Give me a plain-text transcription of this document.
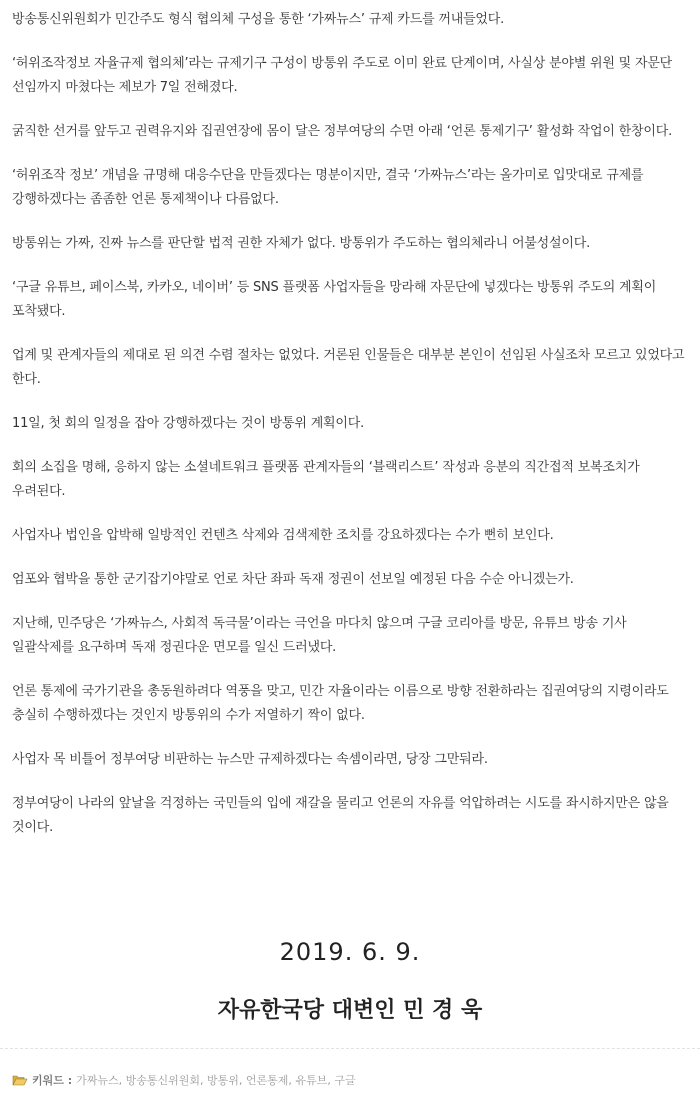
방송통신위원회가 민간주도 형식 협의체 구성을 통한 ‘가짜뉴스’ 규제 카드를 꺼내들었다.

‘허위조작정보 자율규제 협의체’라는 규제기구 구성이 방통위 주도로 이미 완료 단계이며, 사실상 분야별 위원 및 자문단 선임까지 마쳤다는 제보가 7일 전해졌다.

굵직한 선거를 앞두고 권력유지와 집권연장에 몸이 달은 정부여당의 수면 아래 ‘언론 통제기구’ 활성화 작업이 한창이다.

‘허위조작 정보’ 개념을 규명해 대응수단을 만들겠다는 명분이지만, 결국 ‘가짜뉴스’라는 올가미로 입맛대로 규제를 강행하겠다는 좀좀한 언론 통제책이나 다름없다.

방통위는 가짜, 진짜 뉴스를 판단할 법적 권한 자체가 없다. 방통위가 주도하는 협의체라니 어불성설이다.

‘구글 유튜브, 페이스북, 카카오, 네이버’ 등 SNS 플랫폼 사업자들을 망라해 자문단에 넣겠다는 방통위 주도의 계획이 포착됐다.

업계 및 관계자들의 제대로 된 의견 수렴 절차는 없었다. 거론된 인물들은 대부분 본인이 선임된 사실조차 모르고 있었다고 한다.

11일, 첫 회의 일정을 잡아 강행하겠다는 것이 방통위 계획이다.

회의 소집을 명해, 응하지 않는 소셜네트워크 플랫폼 관계자들의 ‘블랙리스트’ 작성과 응분의 직간접적 보복조치가 우려된다.

사업자나 법인을 압박해 일방적인 컨텐츠 삭제와 검색제한 조치를 강요하겠다는 수가 뻔히 보인다.

엄포와 협박을 통한 군기잡기야말로 언로 차단 좌파 독재 정권이 선보일 예정된 다음 수순 아니겠는가.

지난해, 민주당은 ‘가짜뉴스, 사회적 독극물’이라는 극언을 마다치 않으며 구글 코리아를 방문, 유튜브 방송 기사 일괄삭제를 요구하며 독재 정권다운 면모를 일신 드러냈다.

언론 통제에 국가기관을 총동원하려다 역풍을 맞고, 민간 자율이라는 이름으로 방향 전환하라는 집권여당의 지령이라도 충실히 수행하겠다는 것인지 방통위의 수가 저열하기 짝이 없다.

사업자 목 비틀어 정부여당 비판하는 뉴스만 규제하겠다는 속셈이라면, 당장 그만둬라.

정부여당이 나라의 앞날을 걱정하는 국민들의 입에 재갈을 물리고 언론의 자유를 억압하려는 시도를 좌시하지만은 않을 것이다.

2019. 6. 9.
자유한국당 대변인 민 경 욱
키워드 : 가짜뉴스, 방송통신위원회, 방통위, 언론통제, 유튜브, 구글
